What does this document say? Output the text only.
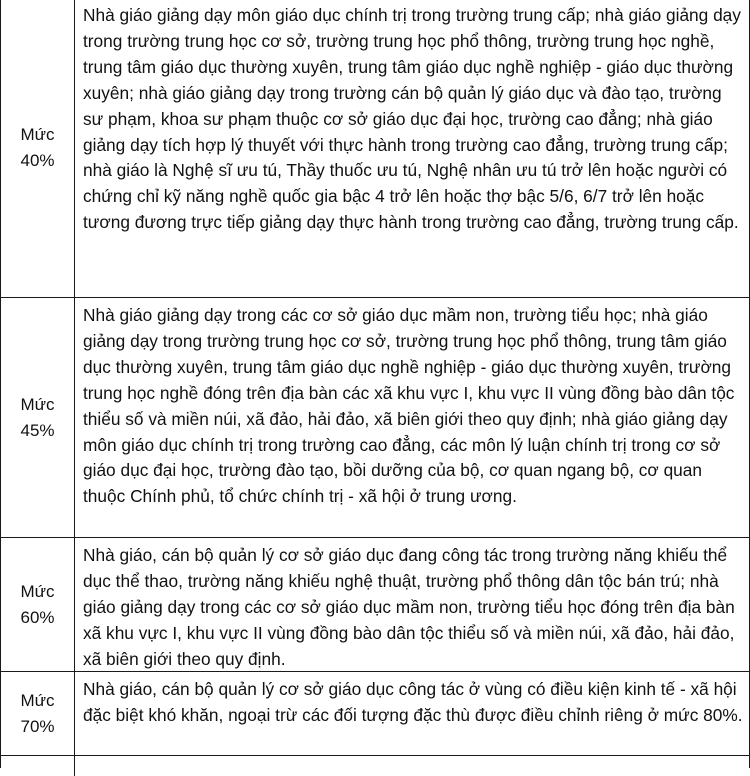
Mức
40%
Nhà giáo giảng dạy môn giáo dục chính trị trong trường trung cấp; nhà giáo giảng dạy trong trường trung học cơ sở, trường trung học phổ thông, trường trung học nghề, trung tâm giáo dục thường xuyên, trung tâm giáo dục nghề nghiệp - giáo dục thường xuyên; nhà giáo giảng dạy trong trường cán bộ quản lý giáo dục và đào tạo, trường sư phạm, khoa sư phạm thuộc cơ sở giáo dục đại học, trường cao đẳng; nhà giáo giảng dạy tích hợp lý thuyết với thực hành trong trường cao đẳng, trường trung cấp; nhà giáo là Nghệ sĩ ưu tú, Thầy thuốc ưu tú, Nghệ nhân ưu tú trở lên hoặc người có chứng chỉ kỹ năng nghề quốc gia bậc 4 trở lên hoặc thợ bậc 5/6, 6/7 trở lên hoặc tương đương trực tiếp giảng dạy thực hành trong trường cao đẳng, trường trung cấp.
Mức
45%
Nhà giáo giảng dạy trong các cơ sở giáo dục mầm non, trường tiểu học; nhà giáo giảng dạy trong trường trung học cơ sở, trường trung học phổ thông, trung tâm giáo dục thường xuyên, trung tâm giáo dục nghề nghiệp - giáo dục thường xuyên, trường trung học nghề đóng trên địa bàn các xã khu vực I, khu vực II vùng đồng bào dân tộc thiểu số và miền núi, xã đảo, hải đảo, xã biên giới theo quy định; nhà giáo giảng dạy môn giáo dục chính trị trong trường cao đẳng, các môn lý luận chính trị trong cơ sở giáo dục đại học, trường đào tạo, bồi dưỡng của bộ, cơ quan ngang bộ, cơ quan thuộc Chính phủ, tổ chức chính trị - xã hội ở trung ương.
Mức
60%
Nhà giáo, cán bộ quản lý cơ sở giáo dục đang công tác trong trường năng khiếu thể dục thể thao, trường năng khiếu nghệ thuật, trường phổ thông dân tộc bán trú; nhà giáo giảng dạy trong các cơ sở giáo dục mầm non, trường tiểu học đóng trên địa bàn xã khu vực I, khu vực II vùng đồng bào dân tộc thiểu số và miền núi, xã đảo, hải đảo, xã biên giới theo quy định.
Mức
70%
Nhà giáo, cán bộ quản lý cơ sở giáo dục công tác ở vùng có điều kiện kinh tế - xã hội đặc biệt khó khăn, ngoại trừ các đối tượng đặc thù được điều chỉnh riêng ở mức 80%.
